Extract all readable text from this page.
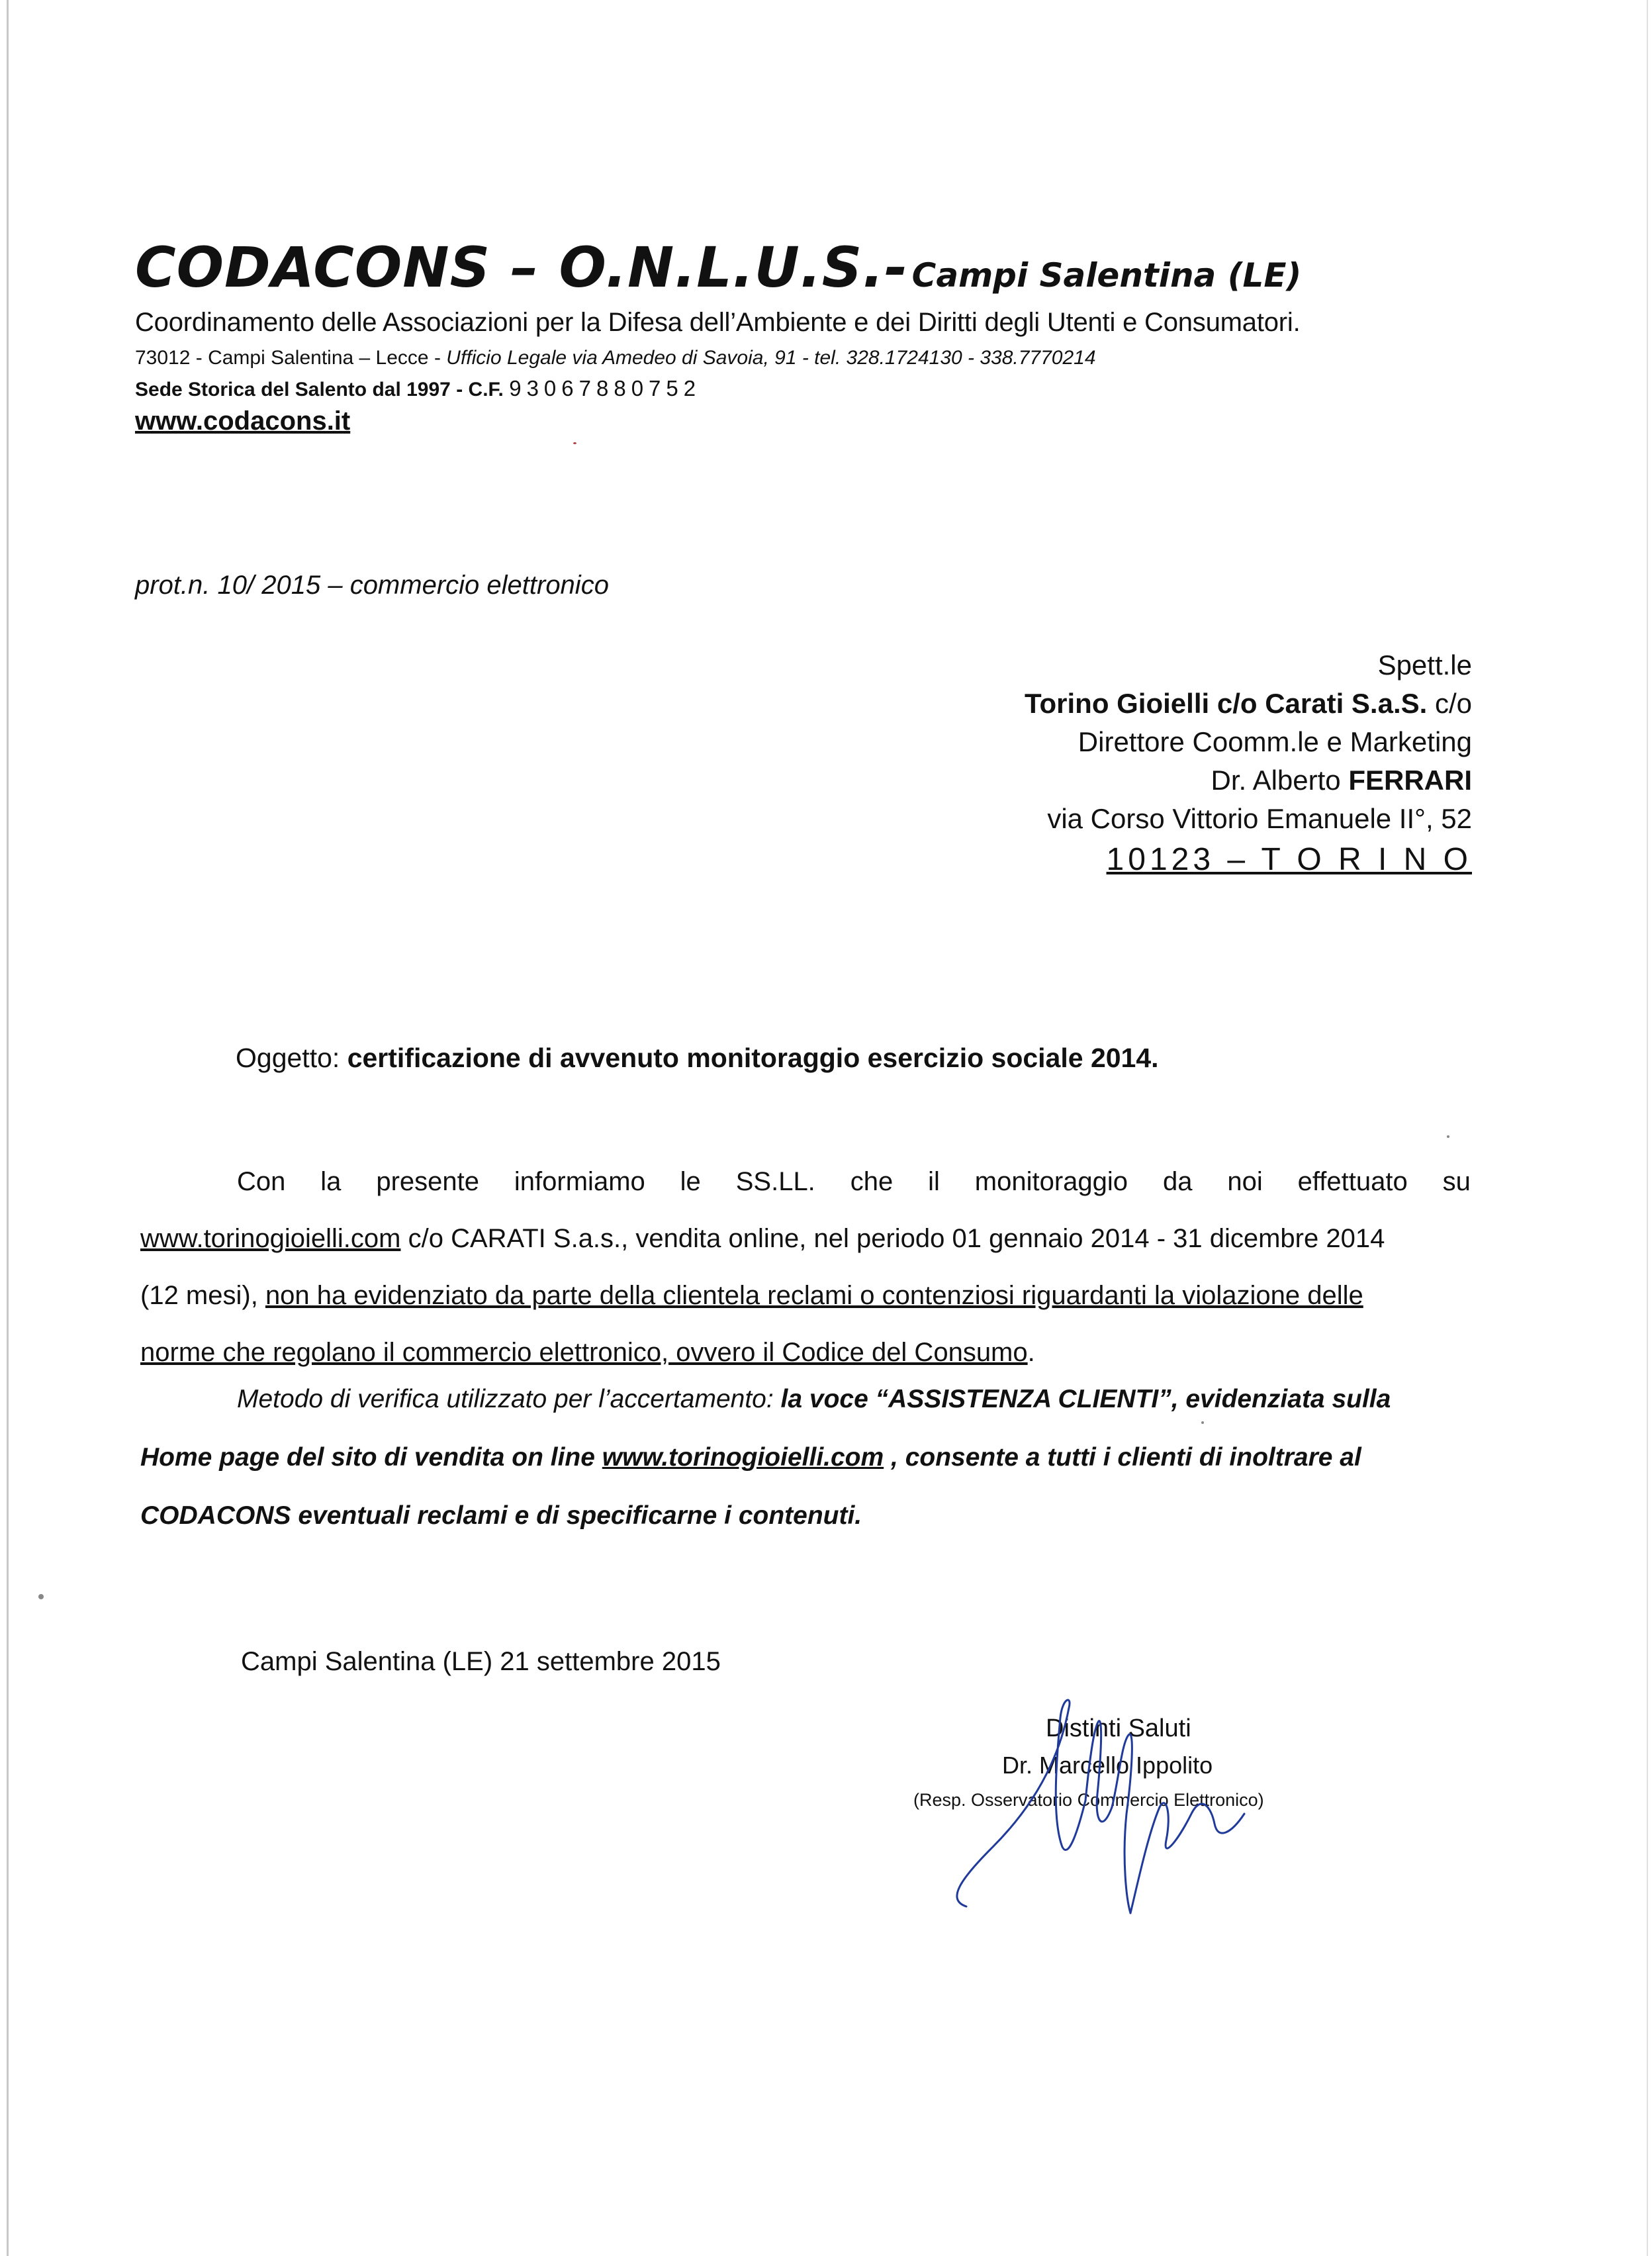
CODACONS – O.N.L.U.S.- Campi Salentina (LE)
Coordinamento delle Associazioni per la Difesa dell’Ambiente e dei Diritti degli Utenti e Consumatori.
73012 - Campi Salentina – Lecce - Ufficio Legale via Amedeo di Savoia, 91 - tel. 328.1724130 - 338.7770214
Sede Storica del Salento dal 1997 - C.F. 93067880752
www.codacons.it
prot.n. 10/ 2015 – commercio elettronico
Spett.le
Torino Gioielli c/o Carati S.a.S. c/o
Direttore Coomm.le e Marketing
Dr. Alberto FERRARI
via Corso Vittorio Emanuele II°, 52
10123 – T O R I N O
Oggetto: certificazione di avvenuto monitoraggio esercizio sociale 2014.
Con la presente informiamo le SS.LL. che il monitoraggio da noi effettuato su
www.torinogioielli.com c/o CARATI S.a.s., vendita online, nel periodo 01 gennaio 2014 - 31 dicembre 2014
(12 mesi), non ha evidenziato da parte della clientela reclami o contenziosi riguardanti la violazione delle
norme che regolano il commercio elettronico, ovvero il Codice del Consumo.
Metodo di verifica utilizzato per l’accertamento: la voce “ASSISTENZA CLIENTI”, evidenziata sulla
Home page del sito di vendita on line www.torinogioielli.com , consente a tutti i clienti di inoltrare al
CODACONS eventuali reclami e di specificarne i contenuti.
Campi Salentina (LE) 21 settembre 2015
Distinti Saluti
Dr. Marcello Ippolito
(Resp. Osservatorio Commercio Elettronico)
